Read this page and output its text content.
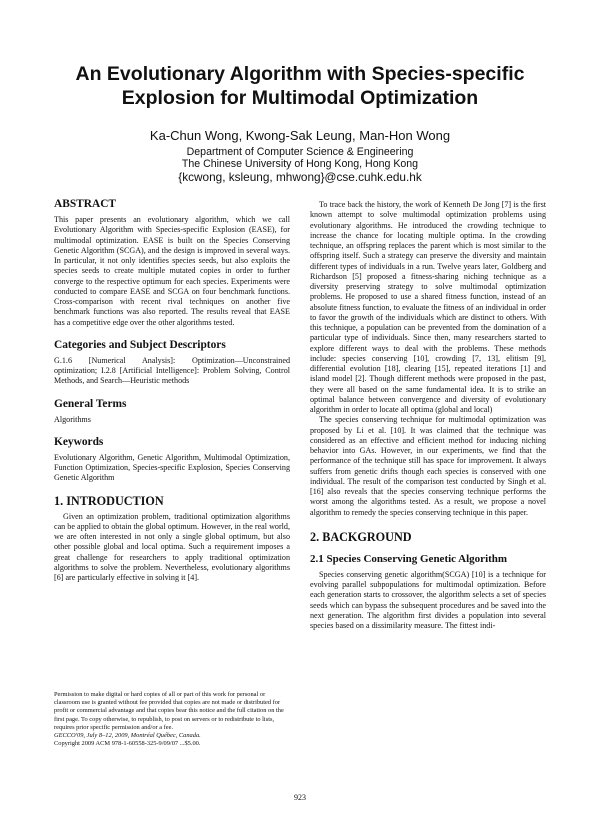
An Evolutionary Algorithm with Species-specific
Explosion for Multimodal Optimization
Ka-Chun Wong, Kwong-Sak Leung, Man-Hon Wong
Department of Computer Science & Engineering
The Chinese University of Hong Kong, Hong Kong
{kcwong, ksleung, mhwong}@cse.cuhk.edu.hk
ABSTRACT

This paper presents an evolutionary algorithm, which we call Evolutionary Algorithm with Species-specific Explosion (EASE), for multimodal optimization. EASE is built on the Species Conserving Genetic Algorithm (SCGA), and the design is improved in several ways. In particular, it not only identifies species seeds, but also exploits the species seeds to create multiple mutated copies in order to further converge to the respective optimum for each species. Experiments were conducted to compare EASE and SCGA on four benchmark functions. Cross-comparison with recent rival techniques on another five benchmark functions was also reported. The results reveal that EASE has a competitive edge over the other algorithms tested.

Categories and Subject Descriptors

G.1.6 [Numerical Analysis]: Optimization—Unconstrained optimization; I.2.8 [Artificial Intelligence]: Problem Solving, Control Methods, and Search—Heuristic methods

General Terms

Algorithms

Keywords

Evolutionary Algorithm, Genetic Algorithm, Multimodal Optimization, Function Optimization, Species-specific Explosion, Species Conserving Genetic Algorithm

1. INTRODUCTION

Given an optimization problem, traditional optimization algorithms can be applied to obtain the global optimum. However, in the real world, we are often interested in not only a single global optimum, but also other possible global and local optima. Such a requirement imposes a great challenge for researchers to apply traditional optimization algorithms to solve the problem. Nevertheless, evolutionary algorithms [6] are particularly effective in solving it [4].

Permission to make digital or hard copies of all or part of this work for personal or classroom use is granted without fee provided that copies are not made or distributed for profit or commercial advantage and that copies bear this notice and the full citation on the first page. To copy otherwise, to republish, to post on servers or to redistribute to lists, requires prior specific permission and/or a fee.
GECCO'09, July 8–12, 2009, Montréal Québec, Canada.
Copyright 2009 ACM 978-1-60558-325-9/09/07 ...$5.00.

To trace back the history, the work of Kenneth De Jong [7] is the first known attempt to solve multimodal optimization problems using evolutionary algorithms. He introduced the crowding technique to increase the chance for locating multiple optima. In the crowding technique, an offspring replaces the parent which is most similar to the offspring itself. Such a strategy can preserve the diversity and maintain different types of individuals in a run. Twelve years later, Goldberg and Richardson [5] proposed a fitness-sharing niching technique as a diversity preserving strategy to solve multimodal optimization problems. He proposed to use a shared fitness function, instead of an absolute fitness function, to evaluate the fitness of an individual in order to favor the growth of the individuals which are distinct to others. With this technique, a population can be prevented from the domination of a particular type of individuals. Since then, many researchers started to explore different ways to deal with the problems. These methods include: species conserving [10], crowding [7, 13], elitism [9], differential evolution [18], clearing [15], repeated iterations [1] and island model [2]. Though different methods were proposed in the past, they were all based on the same fundamental idea. It is to strike an optimal balance between convergence and diversity of evolutionary algorithm in order to locate all optima (global and local)

The species conserving technique for multimodal optimization was proposed by Li et al. [10]. It was claimed that the technique was considered as an effective and efficient method for inducing niching behavior into GAs. However, in our experiments, we find that the performance of the technique still has space for improvement. It always suffers from genetic drifts though each species is conserved with one individual. The result of the comparison test conducted by Singh et al. [16] also reveals that the species conserving technique performs the worst among the algorithms tested. As a result, we propose a novel algorithm to remedy the species conserving technique in this paper.

2. BACKGROUND
2.1 Species Conserving Genetic Algorithm

Species conserving genetic algorithm(SCGA) [10] is a technique for evolving parallel subpopulations for multimodal optimization. Before each generation starts to crossover, the algorithm selects a set of species seeds which can bypass the subsequent procedures and be saved into the next generation. The algorithm first divides a population into several species based on a dissimilarity measure. The fittest indi-

923
